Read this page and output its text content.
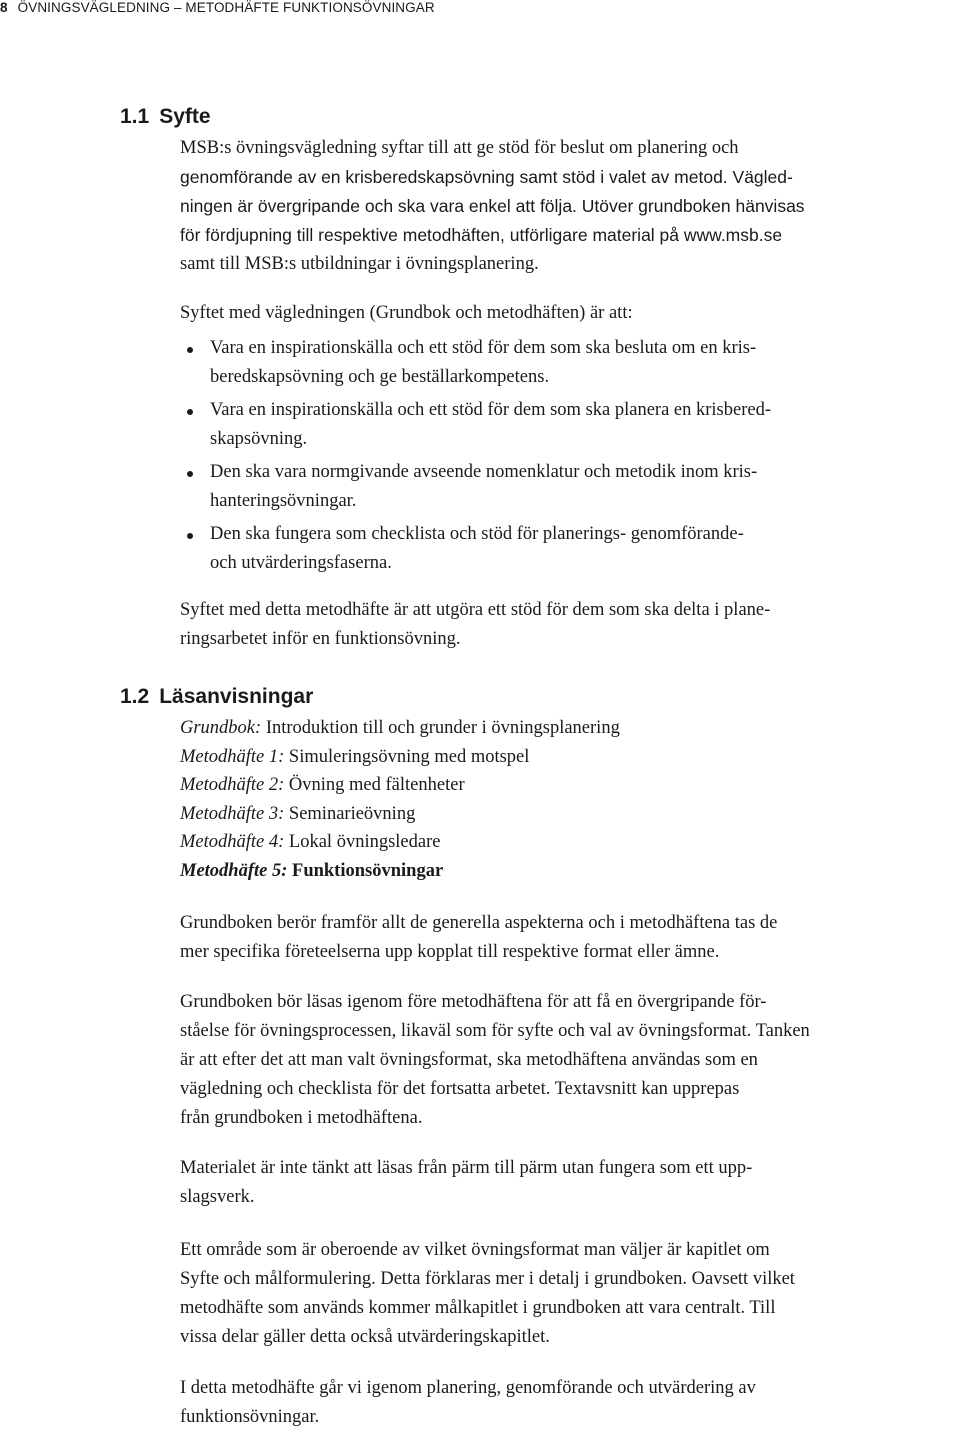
8 ÖVNINGSVÄGLEDNING – METODHÄFTE FUNKTIONSÖVNINGAR
1.1 Syfte
MSB:s övningsvägledning syftar till att ge stöd för beslut om planering och
genomförande av en krisberedskapsövning samt stöd i valet av metod. Vägled-
ningen är övergripande och ska vara enkel att följa. Utöver grundboken hänvisas
för fördjupning till respektive metodhäften, utförligare material på www.msb.se
samt till MSB:s utbildningar i övningsplanering.
Syftet med vägledningen (Grundbok och metodhäften) är att:
Vara en inspirationskälla och ett stöd för dem som ska besluta om en kris-
beredskapsövning och ge beställarkompetens.
Vara en inspirationskälla och ett stöd för dem som ska planera en krisbered-
skapsövning.
Den ska vara normgivande avseende nomenklatur och metodik inom kris-
hanteringsövningar.
Den ska fungera som checklista och stöd för planerings- genomförande-
och utvärderingsfaserna.
Syftet med detta metodhäfte är att utgöra ett stöd för dem som ska delta i plane-
ringsarbetet inför en funktionsövning.
1.2 Läsanvisningar
Grundbok: Introduktion till och grunder i övningsplanering
Metodhäfte 1: Simuleringsövning med motspel
Metodhäfte 2: Övning med fältenheter
Metodhäfte 3: Seminarieövning
Metodhäfte 4: Lokal övningsledare
Metodhäfte 5: Funktionsövningar
Grundboken berör framför allt de generella aspekterna och i metodhäftena tas de
mer specifika företeelserna upp kopplat till respektive format eller ämne.
Grundboken bör läsas igenom före metodhäftena för att få en övergripande för-
ståelse för övningsprocessen, likaväl som för syfte och val av övningsformat. Tanken
är att efter det att man valt övningsformat, ska metodhäftena användas som en
vägledning och checklista för det fortsatta arbetet. Textavsnitt kan upprepas
från grundboken i metodhäftena.
Materialet är inte tänkt att läsas från pärm till pärm utan fungera som ett upp-
slagsverk.
Ett område som är oberoende av vilket övningsformat man väljer är kapitlet om
Syfte och målformulering. Detta förklaras mer i detalj i grundboken. Oavsett vilket
metodhäfte som används kommer målkapitlet i grundboken att vara centralt. Till
vissa delar gäller detta också utvärderingskapitlet.
I detta metodhäfte går vi igenom planering, genomförande och utvärdering av
funktionsövningar.
